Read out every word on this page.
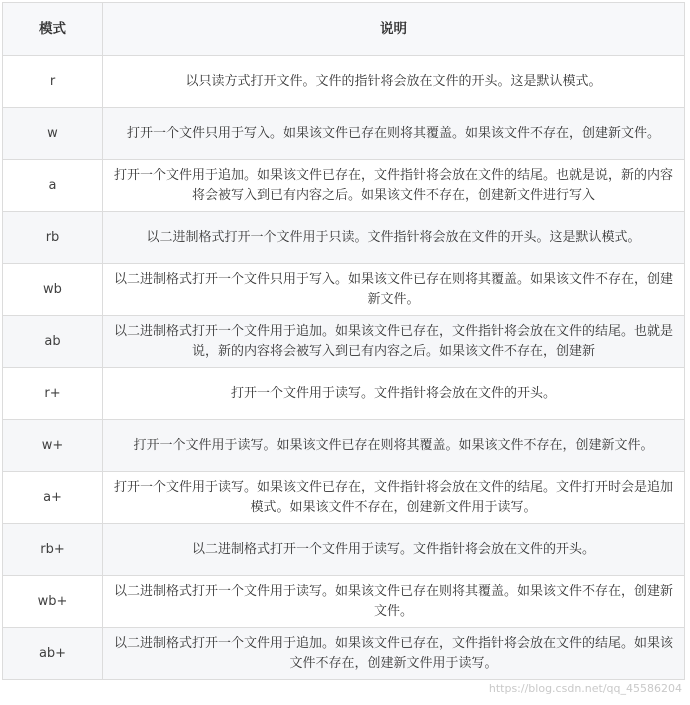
模式	说明
r	以只读方式打开文件。文件的指针将会放在文件的开头。这是默认模式。

w	打开一个文件只用于写入。如果该文件已存在则将其覆盖。如果该文件不存在，创建新文件。

a	打开一个文件用于追加。如果该文件已存在，文件指针将会放在文件的结尾。也就是说，新的内容将会被写入到已有内容之后。如果该文件不存在，创建新文件进行写入

rb	以二进制格式打开一个文件用于只读。文件指针将会放在文件的开头。这是默认模式。

wb	以二进制格式打开一个文件只用于写入。如果该文件已存在则将其覆盖。如果该文件不存在，创建新文件。

ab	以二进制格式打开一个文件用于追加。如果该文件已存在，文件指针将会放在文件的结尾。也就是说，新的内容将会被写入到已有内容之后。如果该文件不存在，创建新

r+	打开一个文件用于读写。文件指针将会放在文件的开头。

w+	打开一个文件用于读写。如果该文件已存在则将其覆盖。如果该文件不存在，创建新文件。

a+	打开一个文件用于读写。如果该文件已存在，文件指针将会放在文件的结尾。文件打开时会是追加模式。如果该文件不存在，创建新文件用于读写。

rb+	以二进制格式打开一个文件用于读写。文件指针将会放在文件的开头。

wb+	以二进制格式打开一个文件用于读写。如果该文件已存在则将其覆盖。如果该文件不存在，创建新文件。

ab+	以二进制格式打开一个文件用于追加。如果该文件已存在，文件指针将会放在文件的结尾。如果该文件不存在，创建新文件用于读写。
https://blog.csdn.net/qq_45586204
